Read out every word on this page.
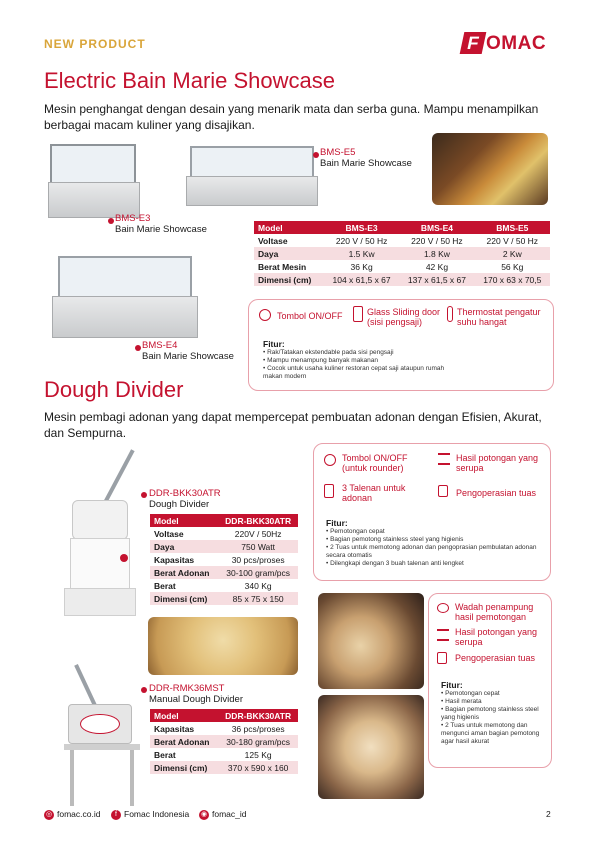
NEW PRODUCT	F OMAC
Electric Bain Marie Showcase
Mesin penghangat dengan desain yang menarik mata dan serba guna. Mampu menampilkan berbagai macam kuliner yang disajikan.
BMS-E5
Bain Marie Showcase
BMS-E3
Bain Marie Showcase
BMS-E4
Bain Marie Showcase
Model	BMS-E3	BMS-E4	BMS-E5
Voltase	220 V / 50 Hz	220 V / 50 Hz	220 V / 50 Hz
Daya	1.5 Kw	1.8 Kw	2 Kw
Berat Mesin	36 Kg	42 Kg	56 Kg
Dimensi (cm)	104 x 61,5 x 67	137 x 61,5 x 67	170 x 63 x 70,5
Tombol ON/OFF	Glass Sliding door (sisi pengsaji)
Thermostat pengatur suhu hangat
Fitur:
• Rak/Tatakan ekstendable pada sisi pengsaji
• Mampu menampung banyak makanan
• Cocok untuk usaha kuliner restoran cepat saji ataupun rumah makan modern
Dough Divider
Mesin pembagi adonan yang dapat mempercepat pembuatan adonan dengan Efisien, Akurat, dan Sempurna.
DDR-BKK30ATR
Dough Divider
DDR-RMK36MST
Manual Dough Divider
Model	DDR-BKK30ATR
Voltase	220V / 50Hz
Daya	750 Watt
Kapasitas	30 pcs/proses
Berat Adonan	30-100 gram/pcs
Berat	340 Kg
Dimensi (cm)	85 x 75 x 150
Model	DDR-BKK30ATR
Kapasitas	36 pcs/proses
Berat Adonan	30-180 gram/pcs
Berat	125 Kg
Dimensi (cm)	370 x 590 x 160
Tombol ON/OFF (untuk rounder)
Hasil potongan yang serupa
3 Talenan untuk adonan	Pengoperasian tuas
Fitur:
• Pemotongan cepat
• Bagian pemotong stainless steel yang higienis
• 2 Tuas untuk memotong adonan dan pengoprasian pembulatan adonan secara otomatis
• Dilengkapi dengan 3 buah talenan anti lengket
Wadah penampung hasil pemotongan
Hasil potongan yang serupa
Pengoperasian tuas
Fitur:
• Pemotongan cepat
• Hasil merata
• Bagian pemotong stainless steel yang higienis
• 2 Tuas untuk memotong dan mengunci aman bagian pemotong agar hasil akurat
◎ fomac.co.id	f Fomac Indonesia ◉ fomac_id	2
